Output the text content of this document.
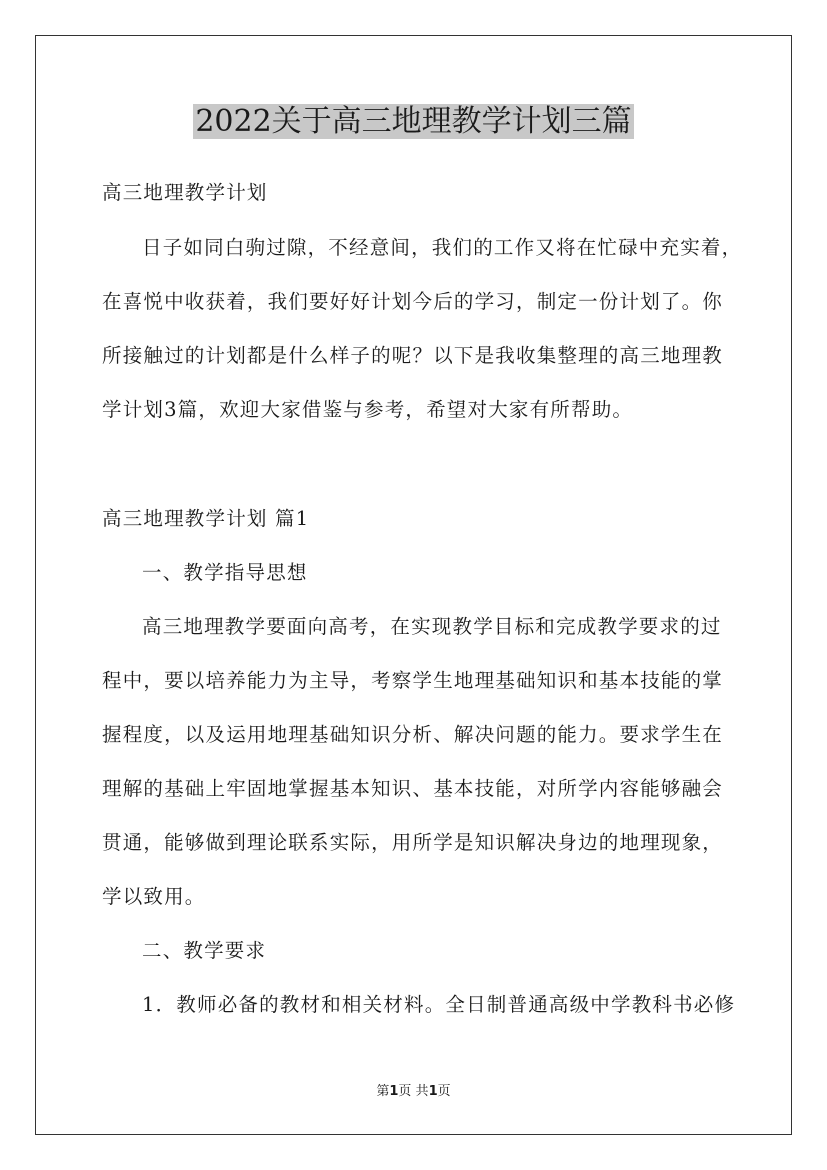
2022关于高三地理教学计划三篇
高三地理教学计划
日子如同白驹过隙，不经意间，我们的工作又将在忙碌中充实着，
在喜悦中收获着，我们要好好计划今后的学习，制定一份计划了。你
所接触过的计划都是什么样子的呢？以下是我收集整理的高三地理教
学计划3篇，欢迎大家借鉴与参考，希望对大家有所帮助。
高三地理教学计划 篇1
一、教学指导思想
高三地理教学要面向高考，在实现教学目标和完成教学要求的过
程中，要以培养能力为主导，考察学生地理基础知识和基本技能的掌
握程度，以及运用地理基础知识分析、解决问题的能力。要求学生在
理解的基础上牢固地掌握基本知识、基本技能，对所学内容能够融会
贯通，能够做到理论联系实际，用所学是知识解决身边的地理现象，
学以致用。
二、教学要求
1．教师必备的教材和相关材料。全日制普通高级中学教科书必修
第1页 共1页
